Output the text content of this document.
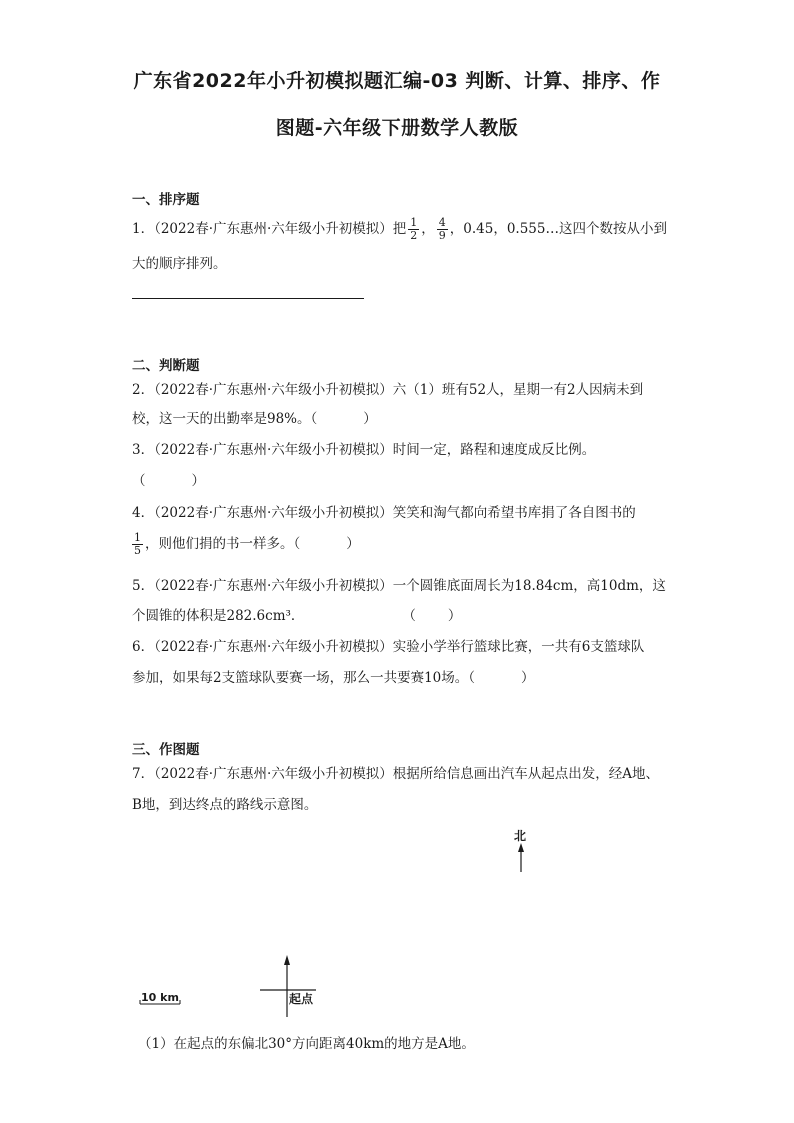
广东省2022年小升初模拟题汇编-03 判断、计算、排序、作
图题-六年级下册数学人教版
一、排序题
1．（2022春·广东惠州·六年级小升初模拟）把 $\frac{1}{2}$ ， $\frac{4}{9}$ ，0.45，0.555…这四个数按从小到
大的顺序排列。
二、判断题
2．（2022春·广东惠州·六年级小升初模拟）六（1）班有52人，星期一有2人因病未到
校，这一天的出勤率是98%。（	）
3．（2022春·广东惠州·六年级小升初模拟）时间一定，路程和速度成反比例。
（	）
4．（2022春·广东惠州·六年级小升初模拟）笑笑和淘气都向希望书库捐了各自图书的
$\frac{1}{5}$ ，则他们捐的书一样多。（	）
5．（2022春·广东惠州·六年级小升初模拟）一个圆锥底面周长为18.84cm，高10dm，这
个圆锥的体积是282.6cm³．	（ ）
6．（2022春·广东惠州·六年级小升初模拟）实验小学举行篮球比赛，一共有6支篮球队
参加，如果每2支篮球队要赛一场，那么一共要赛10场。（	）
三、作图题
7．（2022春·广东惠州·六年级小升初模拟）根据所给信息画出汽车从起点出发，经A地、
B地，到达终点的路线示意图。
北
10 km	起点
（1）在起点的东偏北30°方向距离40km的地方是A地。
